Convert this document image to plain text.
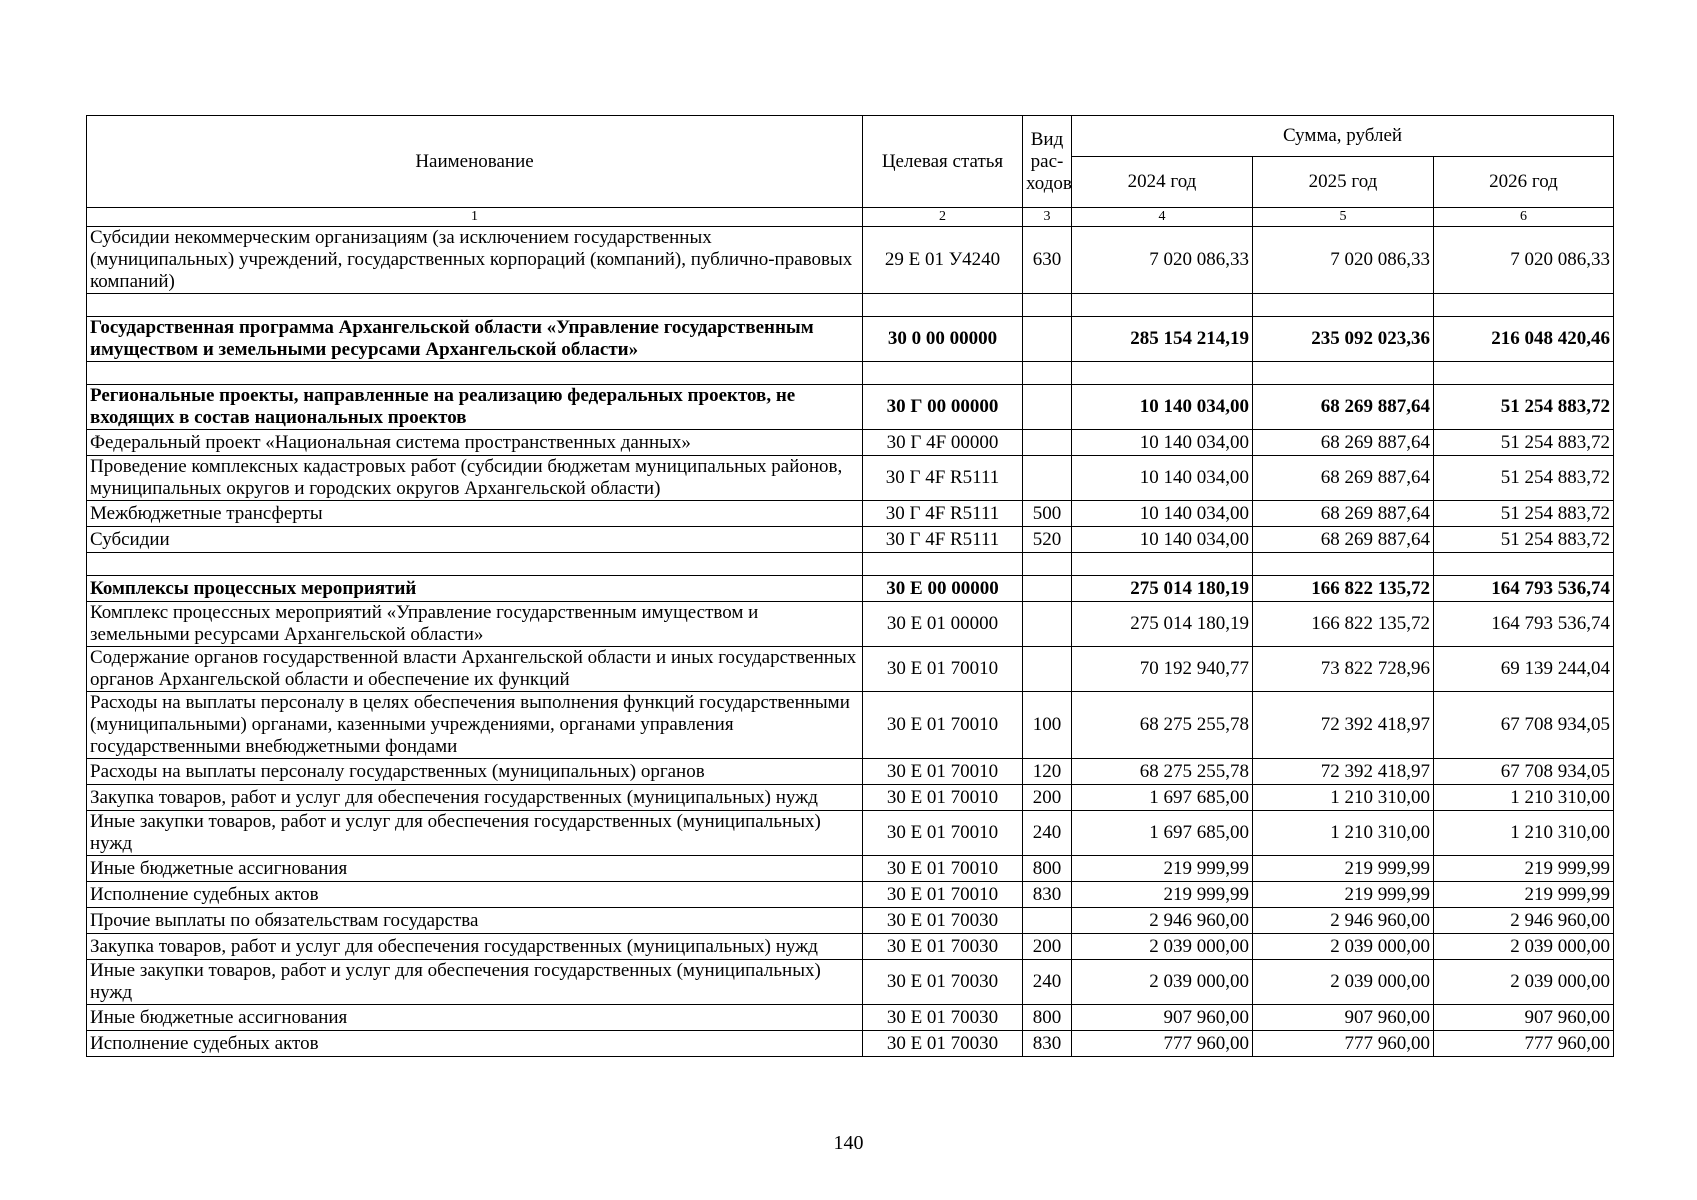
Наименование	Целевая статья	Вид рас-ходов	Сумма, рублей		
			2024 год	2025 год	2026 год
1	2	3	4	5	6
Субсидии некоммерческим организациям (за исключением государственных (муниципальных) учреждений, государственных корпораций (компаний), публично-правовых компаний)	29 Е 01 У4240	630	7 020 086,33	7 020 086,33	7 020 086,33

Государственная программа Архангельской области «Управление государственным имуществом и земельными ресурсами Архангельской области»	30 0 00 00000		285 154 214,19	235 092 023,36	216 048 420,46

Региональные проекты, направленные на реализацию федеральных проектов, не входящих в состав национальных проектов	30 Г 00 00000		10 140 034,00	68 269 887,64	51 254 883,72
Федеральный проект «Национальная система пространственных данных»	30 Г 4F 00000		10 140 034,00	68 269 887,64	51 254 883,72
Проведение комплексных кадастровых работ (субсидии бюджетам муниципальных районов, муниципальных округов и городских округов Архангельской области)	30 Г 4F R5111		10 140 034,00	68 269 887,64	51 254 883,72
Межбюджетные трансферты	30 Г 4F R5111	500	10 140 034,00	68 269 887,64	51 254 883,72
Субсидии	30 Г 4F R5111	520	10 140 034,00	68 269 887,64	51 254 883,72

Комплексы процессных мероприятий	30 Е 00 00000		275 014 180,19	166 822 135,72	164 793 536,74
Комплекс процессных мероприятий «Управление государственным имуществом и земельными ресурсами Архангельской области»	30 Е 01 00000		275 014 180,19	166 822 135,72	164 793 536,74
Содержание органов государственной власти Архангельской области и иных государственных органов Архангельской области и обеспечение их функций	30 Е 01 70010		70 192 940,77	73 822 728,96	69 139 244,04
Расходы на выплаты персоналу в целях обеспечения выполнения функций государственными (муниципальными) органами, казенными учреждениями, органами управления государственными внебюджетными фондами	30 Е 01 70010	100	68 275 255,78	72 392 418,97	67 708 934,05
Расходы на выплаты персоналу государственных (муниципальных) органов	30 Е 01 70010	120	68 275 255,78	72 392 418,97	67 708 934,05
Закупка товаров, работ и услуг для обеспечения государственных (муниципальных) нужд	30 Е 01 70010	200	1 697 685,00	1 210 310,00	1 210 310,00
Иные закупки товаров, работ и услуг для обеспечения государственных (муниципальных) нужд	30 Е 01 70010	240	1 697 685,00	1 210 310,00	1 210 310,00
Иные бюджетные ассигнования	30 Е 01 70010	800	219 999,99	219 999,99	219 999,99
Исполнение судебных актов	30 Е 01 70010	830	219 999,99	219 999,99	219 999,99
Прочие выплаты по обязательствам государства	30 Е 01 70030		2 946 960,00	2 946 960,00	2 946 960,00
Закупка товаров, работ и услуг для обеспечения государственных (муниципальных) нужд	30 Е 01 70030	200	2 039 000,00	2 039 000,00	2 039 000,00
Иные закупки товаров, работ и услуг для обеспечения государственных (муниципальных) нужд	30 Е 01 70030	240	2 039 000,00	2 039 000,00	2 039 000,00
Иные бюджетные ассигнования	30 Е 01 70030	800	907 960,00	907 960,00	907 960,00
Исполнение судебных актов	30 Е 01 70030	830	777 960,00	777 960,00	777 960,00
140
